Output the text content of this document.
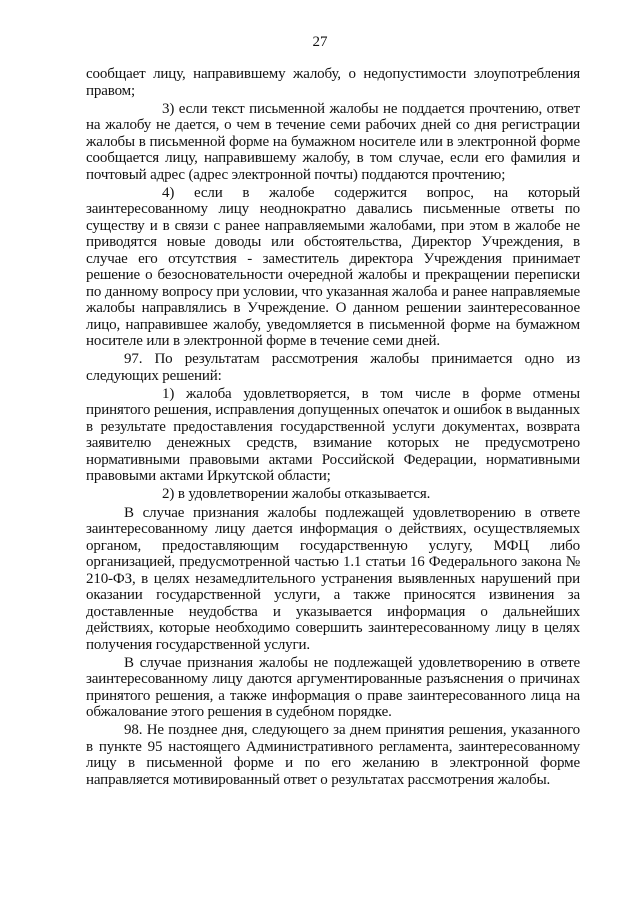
27

сообщает лицу, направившему жалобу, о недопустимости злоупотребления правом;

3) если текст письменной жалобы не поддается прочтению, ответ на жалобу не дается, о чем в течение семи рабочих дней со дня регистрации жалобы в письменной форме на бумажном носителе или в электронной форме сообщается лицу, направившему жалобу, в том случае, если его фамилия и почтовый адрес (адрес электронной почты) поддаются прочтению;

4) если в жалобе содержится вопрос, на который заинтересованному лицу неоднократно давались письменные ответы по существу и в связи с ранее направляемыми жалобами, при этом в жалобе не приводятся новые доводы или обстоятельства, Директор Учреждения, в случае его отсутствия - заместитель директора Учреждения принимает решение о безосновательности очередной жалобы и прекращении переписки по данному вопросу при условии, что указанная жалоба и ранее направляемые жалобы направлялись в Учреждение. О данном решении заинтересованное лицо, направившее жалобу, уведомляется в письменной форме на бумажном носителе или в электронной форме в течение семи дней.

97. По результатам рассмотрения жалобы принимается одно из следующих решений:

1) жалоба удовлетворяется, в том числе в форме отмены принятого решения, исправления допущенных опечаток и ошибок в выданных в результате предоставления государственной услуги документах, возврата заявителю денежных средств, взимание которых не предусмотрено нормативными правовыми актами Российской Федерации, нормативными правовыми актами Иркутской области;

2) в удовлетворении жалобы отказывается.

В случае признания жалобы подлежащей удовлетворению в ответе заинтересованному лицу дается информация о действиях, осуществляемых органом, предоставляющим государственную услугу, МФЦ либо организацией, предусмотренной частью 1.1 статьи 16 Федерального закона № 210-ФЗ, в целях незамедлительного устранения выявленных нарушений при оказании государственной услуги, а также приносятся извинения за доставленные неудобства и указывается информация о дальнейших действиях, которые необходимо совершить заинтересованному лицу в целях получения государственной услуги.

В случае признания жалобы не подлежащей удовлетворению в ответе заинтересованному лицу даются аргументированные разъяснения о причинах принятого решения, а также информация о праве заинтересованного лица на обжалование этого решения в судебном порядке.

98. Не позднее дня, следующего за днем принятия решения, указанного в пункте 95 настоящего Административного регламента, заинтересованному лицу в письменной форме и по его желанию в электронной форме направляется мотивированный ответ о результатах рассмотрения жалобы.
